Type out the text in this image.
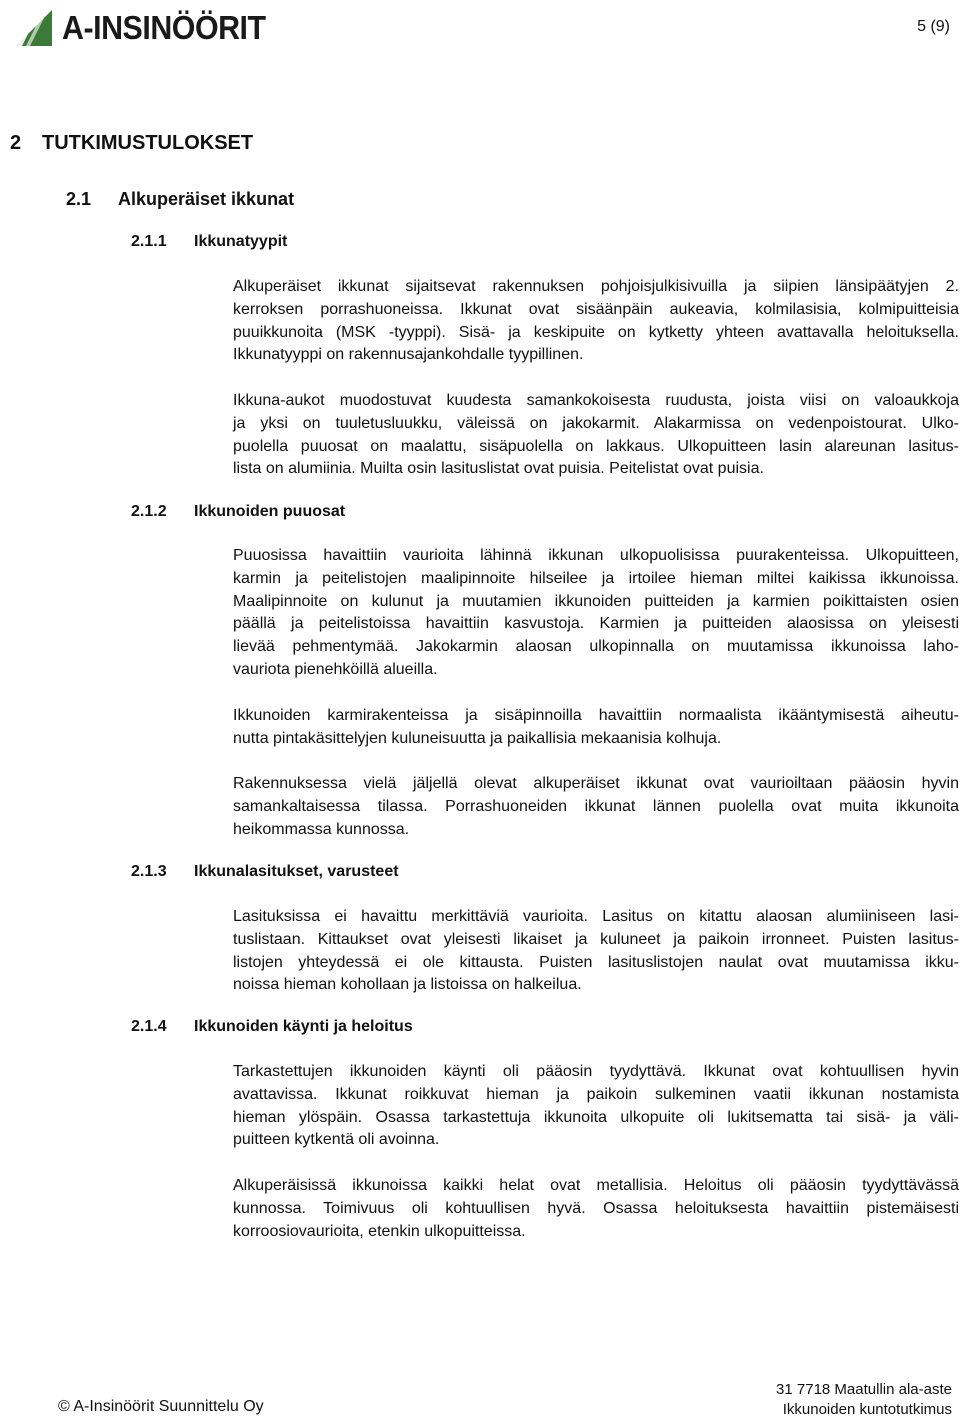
A-INSINÖÖRIT	5 (9)
2 TUTKIMUSTULOKSET
2.1 Alkuperäiset ikkunat
2.1.1 Ikkunatyypit
Alkuperäiset ikkunat sijaitsevat rakennuksen pohjoisjulkisivuilla ja siipien länsipäätyjen 2.
kerroksen porrashuoneissa. Ikkunat ovat sisäänpäin aukeavia, kolmilasisia, kolmipuitteisia
puuikkunoita (MSK -tyyppi). Sisä- ja keskipuite on kytketty yhteen avattavalla heloituksella.
Ikkunatyyppi on rakennusajankohdalle tyypillinen.
Ikkuna-aukot muodostuvat kuudesta samankokoisesta ruudusta, joista viisi on valoaukkoja
ja yksi on tuuletusluukku, väleissä on jakokarmit. Alakarmissa on vedenpoistourat. Ulko-
puolella puuosat on maalattu, sisäpuolella on lakkaus. Ulkopuitteen lasin alareunan lasitus-
lista on alumiinia. Muilta osin lasituslistat ovat puisia. Peitelistat ovat puisia.
2.1.2 Ikkunoiden puuosat
Puuosissa havaittiin vaurioita lähinnä ikkunan ulkopuolisissa puurakenteissa. Ulkopuitteen,
karmin ja peitelistojen maalipinnoite hilseilee ja irtoilee hieman miltei kaikissa ikkunoissa.
Maalipinnoite on kulunut ja muutamien ikkunoiden puitteiden ja karmien poikittaisten osien
päällä ja peitelistoissa havaittiin kasvustoja. Karmien ja puitteiden alaosissa on yleisesti
lievää pehmentymää. Jakokarmin alaosan ulkopinnalla on muutamissa ikkunoissa laho-
vauriota pienehköillä alueilla.
Ikkunoiden karmirakenteissa ja sisäpinnoilla havaittiin normaalista ikääntymisestä aiheutu-
nutta pintakäsittelyjen kuluneisuutta ja paikallisia mekaanisia kolhuja.
Rakennuksessa vielä jäljellä olevat alkuperäiset ikkunat ovat vaurioiltaan pääosin hyvin
samankaltaisessa tilassa. Porrashuoneiden ikkunat lännen puolella ovat muita ikkunoita
heikommassa kunnossa.
2.1.3 Ikkunalasitukset, varusteet
Lasituksissa ei havaittu merkittäviä vaurioita. Lasitus on kitattu alaosan alumiiniseen lasi-
tuslistaan. Kittaukset ovat yleisesti likaiset ja kuluneet ja paikoin irronneet. Puisten lasitus-
listojen yhteydessä ei ole kittausta. Puisten lasituslistojen naulat ovat muutamissa ikku-
noissa hieman kohollaan ja listoissa on halkeilua.
2.1.4 Ikkunoiden käynti ja heloitus
Tarkastettujen ikkunoiden käynti oli pääosin tyydyttävä. Ikkunat ovat kohtuullisen hyvin
avattavissa. Ikkunat roikkuvat hieman ja paikoin sulkeminen vaatii ikkunan nostamista
hieman ylöspäin. Osassa tarkastettuja ikkunoita ulkopuite oli lukitsematta tai sisä- ja väli-
puitteen kytkentä oli avoinna.
Alkuperäisissä ikkunoissa kaikki helat ovat metallisia. Heloitus oli pääosin tyydyttävässä
kunnossa. Toimivuus oli kohtuullisen hyvä. Osassa heloituksesta havaittiin pistemäisesti
korroosiovaurioita, etenkin ulkopuitteissa.
© A-Insinöörit Suunnittelu Oy
31 7718 Maatullin ala-aste
Ikkunoiden kuntotutkimus
